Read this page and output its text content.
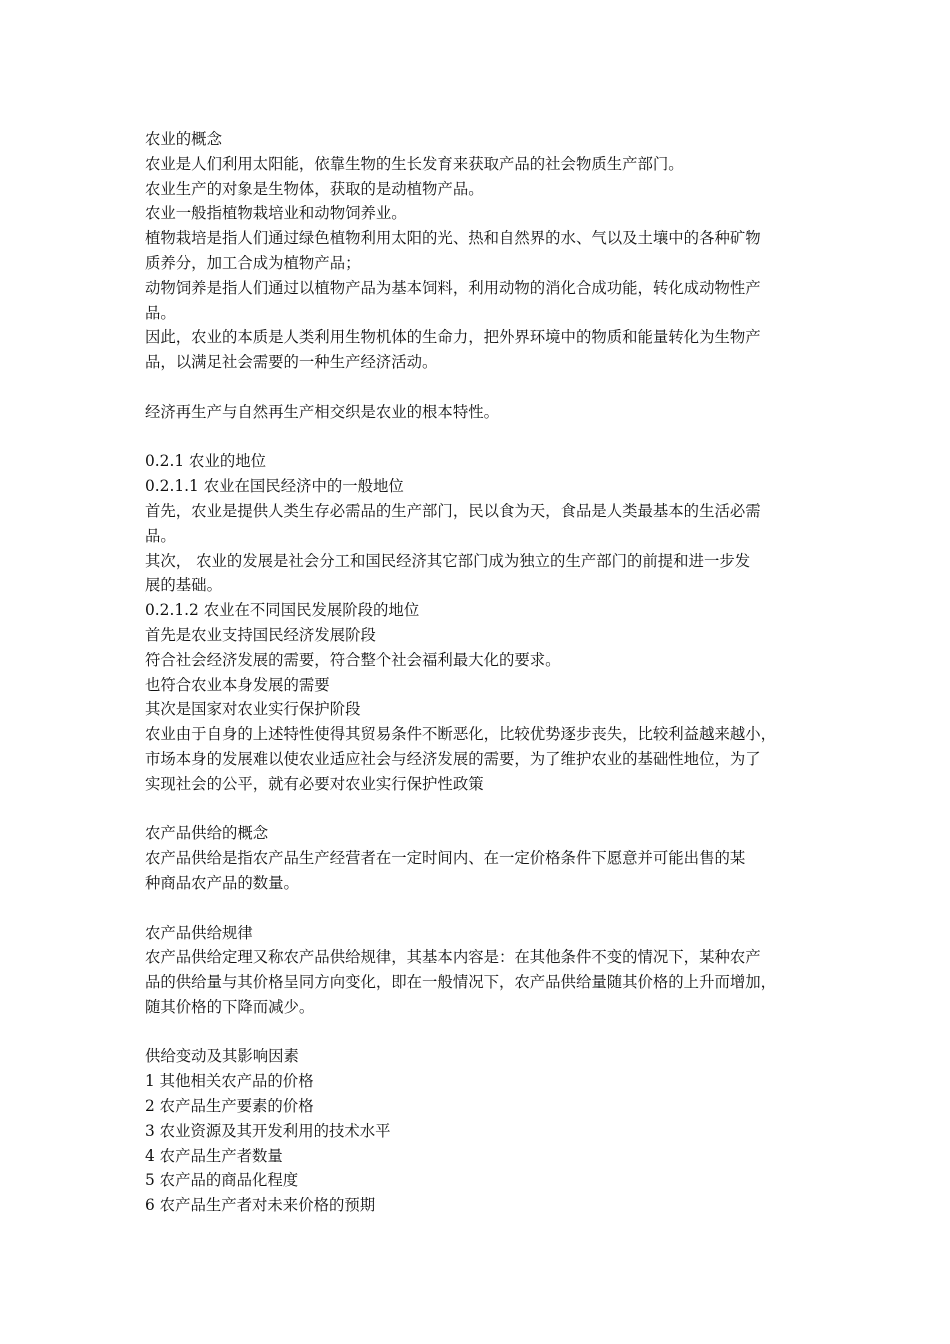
农业的概念
农业是人们利用太阳能，依靠生物的生长发育来获取产品的社会物质生产部门。
农业生产的对象是生物体，获取的是动植物产品。
农业一般指植物栽培业和动物饲养业。
植物栽培是指人们通过绿色植物利用太阳的光、热和自然界的水、气以及土壤中的各种矿物
质养分，加工合成为植物产品；
动物饲养是指人们通过以植物产品为基本饲料，利用动物的消化合成功能，转化成动物性产
品。
因此，农业的本质是人类利用生物机体的生命力，把外界环境中的物质和能量转化为生物产
品，以满足社会需要的一种生产经济活动。
经济再生产与自然再生产相交织是农业的根本特性。
0.2.1 农业的地位
0.2.1.1 农业在国民经济中的一般地位
首先，农业是提供人类生存必需品的生产部门，民以食为天，食品是人类最基本的生活必需
品。
其次， 农业的发展是社会分工和国民经济其它部门成为独立的生产部门的前提和进一步发
展的基础。
0.2.1.2 农业在不同国民发展阶段的地位
首先是农业支持国民经济发展阶段
符合社会经济发展的需要，符合整个社会福利最大化的要求。
也符合农业本身发展的需要
其次是国家对农业实行保护阶段
农业由于自身的上述特性使得其贸易条件不断恶化，比较优势逐步丧失，比较利益越来越小，
市场本身的发展难以使农业适应社会与经济发展的需要，为了维护农业的基础性地位，为了
实现社会的公平，就有必要对农业实行保护性政策
农产品供给的概念
农产品供给是指农产品生产经营者在一定时间内、在一定价格条件下愿意并可能出售的某
种商品农产品的数量。
农产品供给规律
农产品供给定理又称农产品供给规律，其基本内容是：在其他条件不变的情况下，某种农产
品的供给量与其价格呈同方向变化，即在一般情况下，农产品供给量随其价格的上升而增加，
随其价格的下降而减少。
供给变动及其影响因素
1 其他相关农产品的价格
2 农产品生产要素的价格
3 农业资源及其开发利用的技术水平
4 农产品生产者数量
5 农产品的商品化程度
6 农产品生产者对未来价格的预期
